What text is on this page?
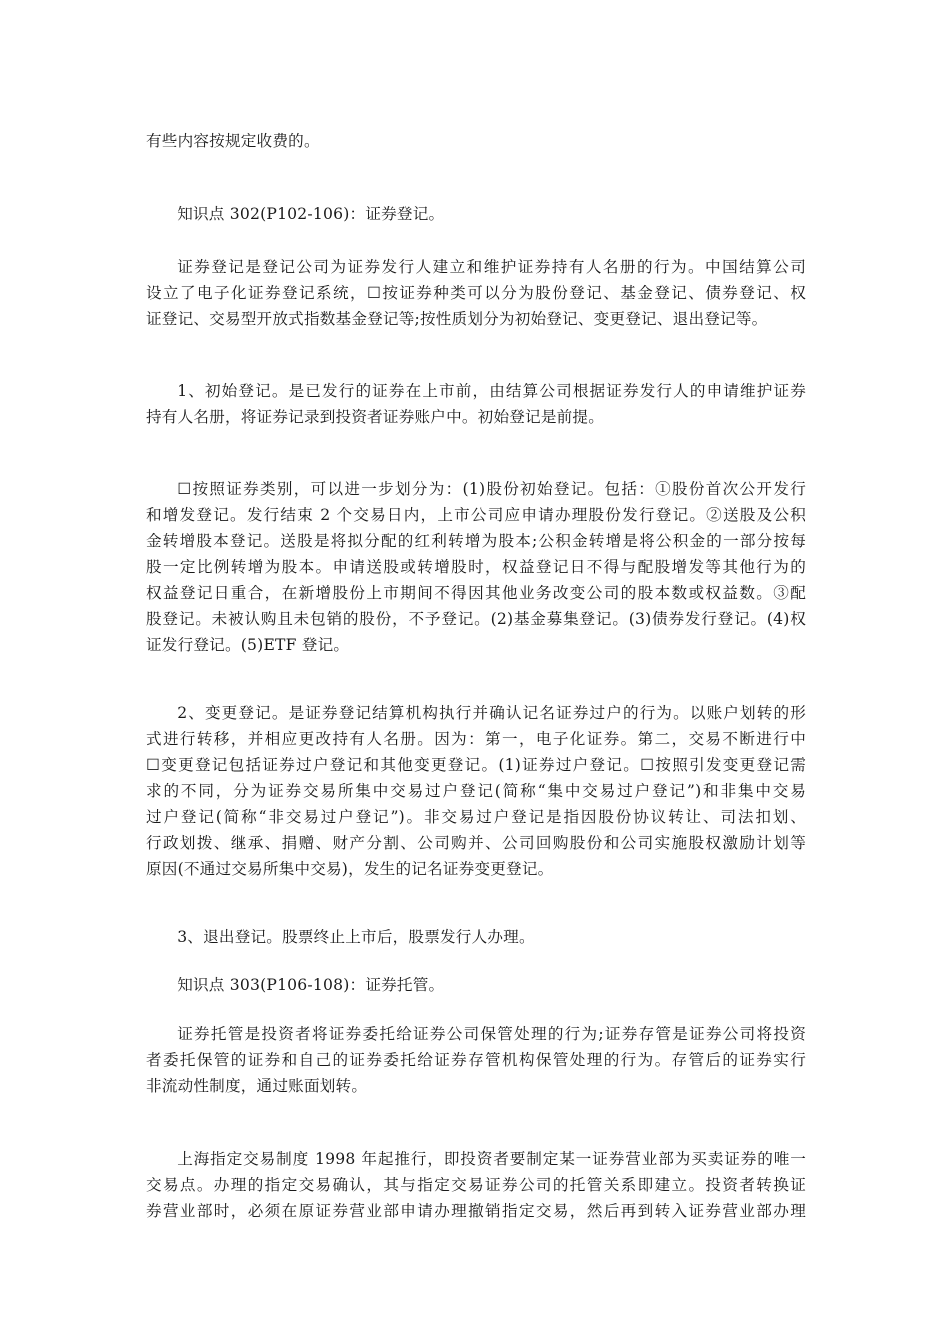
有些内容按规定收费的。
知识点 302(P102-106)：证券登记。
证券登记是登记公司为证券发行人建立和维护证券持有人名册的行为。中国结算公司
设立了电子化证券登记系统，☐按证券种类可以分为股份登记、基金登记、债券登记、权
证登记、交易型开放式指数基金登记等;按性质划分为初始登记、变更登记、退出登记等。
1、初始登记。是已发行的证券在上市前，由结算公司根据证券发行人的申请维护证券
持有人名册，将证券记录到投资者证券账户中。初始登记是前提。
☐按照证券类别，可以进一步划分为：(1)股份初始登记。包括：①股份首次公开发行
和增发登记。发行结束 2 个交易日内，上市公司应申请办理股份发行登记。②送股及公积
金转增股本登记。送股是将拟分配的红利转增为股本;公积金转增是将公积金的一部分按每
股一定比例转增为股本。申请送股或转增股时，权益登记日不得与配股增发等其他行为的
权益登记日重合，在新增股份上市期间不得因其他业务改变公司的股本数或权益数。③配
股登记。未被认购且未包销的股份，不予登记。(2)基金募集登记。(3)债券发行登记。(4)权
证发行登记。(5)ETF 登记。
2、变更登记。是证券登记结算机构执行并确认记名证券过户的行为。以账户划转的形
式进行转移，并相应更改持有人名册。因为：第一，电子化证券。第二，交易不断进行中
☐变更登记包括证券过户登记和其他变更登记。(1)证券过户登记。☐按照引发变更登记需
求的不同，分为证券交易所集中交易过户登记(简称“集中交易过户登记”)和非集中交易
过户登记(简称“非交易过户登记”)。非交易过户登记是指因股份协议转让、司法扣划、
行政划拨、继承、捐赠、财产分割、公司购并、公司回购股份和公司实施股权激励计划等
原因(不通过交易所集中交易)，发生的记名证券变更登记。
3、退出登记。股票终止上市后，股票发行人办理。
知识点 303(P106-108)：证券托管。
证券托管是投资者将证券委托给证券公司保管处理的行为;证券存管是证券公司将投资
者委托保管的证券和自己的证券委托给证券存管机构保管处理的行为。存管后的证券实行
非流动性制度，通过账面划转。
上海指定交易制度 1998 年起推行，即投资者要制定某一证券营业部为买卖证券的唯一
交易点。办理的指定交易确认，其与指定交易证券公司的托管关系即建立。投资者转换证
券营业部时，必须在原证券营业部申请办理撤销指定交易，然后再到转入证券营业部办理
